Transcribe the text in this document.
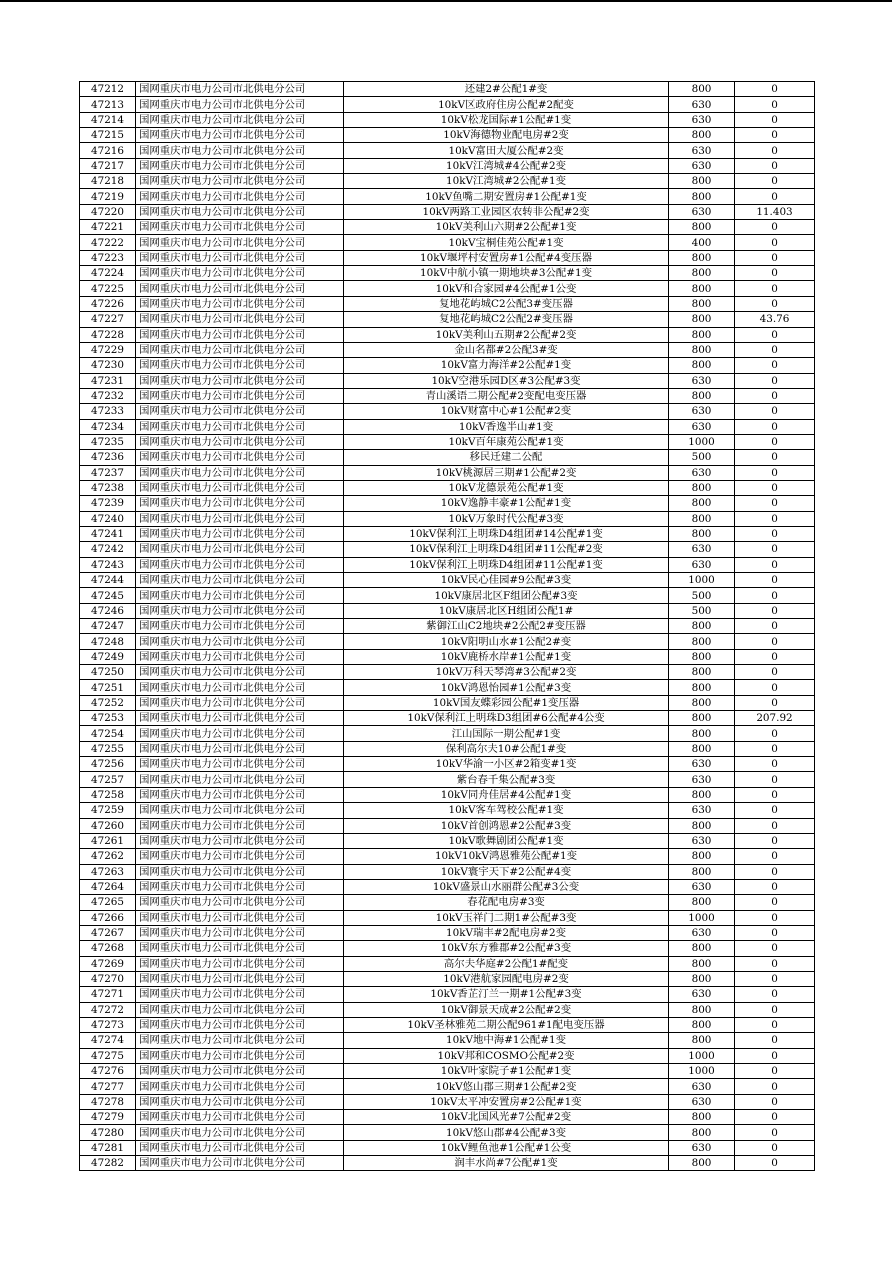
47212	国网重庆市电力公司市北供电分公司	还建2#公配1#变	800	0
47213	国网重庆市电力公司市北供电分公司	10kV区政府住房公配#2配变	630	0
47214	国网重庆市电力公司市北供电分公司	10kV松龙国际#1公配#1变	630	0
47215	国网重庆市电力公司市北供电分公司	10kV海德物业配电房#2变	800	0
47216	国网重庆市电力公司市北供电分公司	10kV富田大厦公配#2变	630	0
47217	国网重庆市电力公司市北供电分公司	10kV江湾城#4公配#2变	630	0
47218	国网重庆市电力公司市北供电分公司	10kV江湾城#2公配#1变	800	0
47219	国网重庆市电力公司市北供电分公司	10kV鱼嘴二期安置房#1公配#1变	800	0
47220	国网重庆市电力公司市北供电分公司	10kV两路工业园区农转非公配#2变	630	11.403
47221	国网重庆市电力公司市北供电分公司	10kV美利山六期#2公配#1变	800	0
47222	国网重庆市电力公司市北供电分公司	10kV宝桐佳苑公配#1变	400	0
47223	国网重庆市电力公司市北供电分公司	10kV堰坪村安置房#1公配#4变压器	800	0
47224	国网重庆市电力公司市北供电分公司	10kV中航小镇一期地块#3公配#1变	800	0
47225	国网重庆市电力公司市北供电分公司	10kV和合家园#4公配#1公变	800	0
47226	国网重庆市电力公司市北供电分公司	复地花屿城C2公配3#变压器	800	0
47227	国网重庆市电力公司市北供电分公司	复地花屿城C2公配2#变压器	800	43.76
47228	国网重庆市电力公司市北供电分公司	10kV美利山五期#2公配#2变	800	0
47229	国网重庆市电力公司市北供电分公司	金山名都#2公配3#变	800	0
47230	国网重庆市电力公司市北供电分公司	10kV富力海洋#2公配#1变	800	0
47231	国网重庆市电力公司市北供电分公司	10kV空港乐园D区#3公配#3变	630	0
47232	国网重庆市电力公司市北供电分公司	青山溪语二期公配#2变配电变压器	800	0
47233	国网重庆市电力公司市北供电分公司	10kV财富中心#1公配#2变	630	0
47234	国网重庆市电力公司市北供电分公司	10kV香逸半山#1变	630	0
47235	国网重庆市电力公司市北供电分公司	10kV百年康苑公配#1变	1000	0
47236	国网重庆市电力公司市北供电分公司	移民迁建二公配	500	0
47237	国网重庆市电力公司市北供电分公司	10kV桃源居三期#1公配#2变	630	0
47238	国网重庆市电力公司市北供电分公司	10kV龙德景苑公配#1变	800	0
47239	国网重庆市电力公司市北供电分公司	10kV逸静丰豪#1公配#1变	800	0
47240	国网重庆市电力公司市北供电分公司	10kV万象时代公配#3变	800	0
47241	国网重庆市电力公司市北供电分公司	10kV保利江上明珠D4组团#14公配#1变	800	0
47242	国网重庆市电力公司市北供电分公司	10kV保利江上明珠D4组团#11公配#2变	630	0
47243	国网重庆市电力公司市北供电分公司	10kV保利江上明珠D4组团#11公配#1变	630	0
47244	国网重庆市电力公司市北供电分公司	10kV民心佳园#9公配#3变	1000	0
47245	国网重庆市电力公司市北供电分公司	10kV康居北区F组团公配#3变	500	0
47246	国网重庆市电力公司市北供电分公司	10kV康居北区H组团公配1#	500	0
47247	国网重庆市电力公司市北供电分公司	紫御江山C2地块#2公配2#变压器	800	0
47248	国网重庆市电力公司市北供电分公司	10kV阳明山水#1公配2#变	800	0
47249	国网重庆市电力公司市北供电分公司	10kV鹿桥水岸#1公配#1变	800	0
47250	国网重庆市电力公司市北供电分公司	10kV万科天琴湾#3公配#2变	800	0
47251	国网重庆市电力公司市北供电分公司	10kV鸿恩怡园#1公配#3变	800	0
47252	国网重庆市电力公司市北供电分公司	10kV国友蝶彩园公配#1变压器	800	0
47253	国网重庆市电力公司市北供电分公司	10kV保利江上明珠D3组团#6公配#4公变	800	207.92
47254	国网重庆市电力公司市北供电分公司	江山国际一期公配#1变	800	0
47255	国网重庆市电力公司市北供电分公司	保利高尔夫10#公配1#变	800	0
47256	国网重庆市电力公司市北供电分公司	10kV华渝一小区#2箱变#1变	630	0
47257	国网重庆市电力公司市北供电分公司	紫台春千集公配#3变	630	0
47258	国网重庆市电力公司市北供电分公司	10kV同舟佳居#4公配#1变	800	0
47259	国网重庆市电力公司市北供电分公司	10kV客车驾校公配#1变	630	0
47260	国网重庆市电力公司市北供电分公司	10kV首创鸿恩#2公配#3变	800	0
47261	国网重庆市电力公司市北供电分公司	10kV歌舞剧团公配#1变	630	0
47262	国网重庆市电力公司市北供电分公司	10kV10kV鸿恩雅苑公配#1变	800	0
47263	国网重庆市电力公司市北供电分公司	10kV寰宇天下#2公配#4变	800	0
47264	国网重庆市电力公司市北供电分公司	10kV盛景山水丽群公配#3公变	630	0
47265	国网重庆市电力公司市北供电分公司	春花配电房#3变	800	0
47266	国网重庆市电力公司市北供电分公司	10kV玉祥门二期1#公配#3变	1000	0
47267	国网重庆市电力公司市北供电分公司	10kV瑞丰#2配电房#2变	630	0
47268	国网重庆市电力公司市北供电分公司	10kV东方雅郡#2公配#3变	800	0
47269	国网重庆市电力公司市北供电分公司	高尔夫华庭#2公配1#配变	800	0
47270	国网重庆市电力公司市北供电分公司	10kV港航家园配电房#2变	800	0
47271	国网重庆市电力公司市北供电分公司	10kV香芷汀兰一期#1公配#3变	630	0
47272	国网重庆市电力公司市北供电分公司	10kV御景天成#2公配#2变	800	0
47273	国网重庆市电力公司市北供电分公司	10kV圣林雅苑二期公配961#1配电变压器	800	0
47274	国网重庆市电力公司市北供电分公司	10kV地中海#1公配#1变	800	0
47275	国网重庆市电力公司市北供电分公司	10kV邦和COSMO公配#2变	1000	0
47276	国网重庆市电力公司市北供电分公司	10kV叶家院子#1公配#1变	1000	0
47277	国网重庆市电力公司市北供电分公司	10kV悠山郡三期#1公配#2变	630	0
47278	国网重庆市电力公司市北供电分公司	10kV太平冲安置房#2公配#1变	630	0
47279	国网重庆市电力公司市北供电分公司	10kV北国风光#7公配#2变	800	0
47280	国网重庆市电力公司市北供电分公司	10kV悠山郡#4公配#3变	800	0
47281	国网重庆市电力公司市北供电分公司	10kV鲤鱼池#1公配#1公变	630	0
47282	国网重庆市电力公司市北供电分公司	润丰水尚#7公配#1变	800	0
